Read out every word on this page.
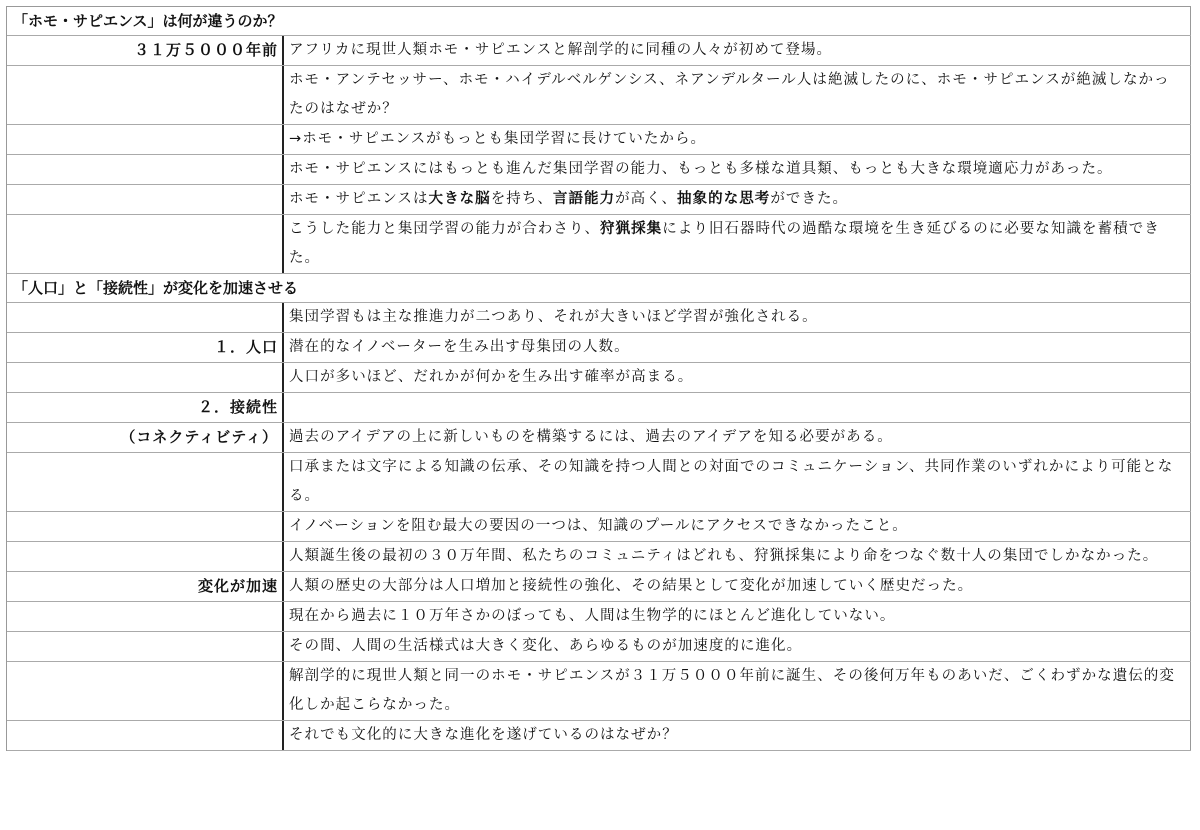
「ホモ・サピエンス」は何が違うのか？
３１万５０００年前 アフリカに現世人類ホモ・サピエンスと解剖学的に同種の人々が初めて登場。
ホモ・アンテセッサー、ホモ・ハイデルベルゲンシス、ネアンデルタール人は絶滅したのに、ホモ・サピエンスが絶滅しなかったのはなぜか？
→ホモ・サピエンスがもっとも集団学習に長けていたから。
ホモ・サピエンスにはもっとも進んだ集団学習の能力、もっとも多様な道具類、もっとも大きな環境適応力があった。
ホモ・サピエンスは大きな脳を持ち、言語能力が高く、抽象的な思考ができた。
こうした能力と集団学習の能力が合わさり、狩猟採集により旧石器時代の過酷な環境を生き延びるのに必要な知識を蓄積できた。
「人口」と「接続性」が変化を加速させる
集団学習もは主な推進力が二つあり、それが大きいほど学習が強化される。
１．人口 潜在的なイノベーターを生み出す母集団の人数。
人口が多いほど、だれかが何かを生み出す確率が高まる。
２．接続性
（コネクティビティ） 過去のアイデアの上に新しいものを構築するには、過去のアイデアを知る必要がある。
口承または文字による知識の伝承、その知識を持つ人間との対面でのコミュニケーション、共同作業のいずれかにより可能となる。
イノベーションを阻む最大の要因の一つは、知識のプールにアクセスできなかったこと。
人類誕生後の最初の３０万年間、私たちのコミュニティはどれも、狩猟採集により命をつなぐ数十人の集団でしかなかった。
変化が加速 人類の歴史の大部分は人口増加と接続性の強化、その結果として変化が加速していく歴史だった。
現在から過去に１０万年さかのぼっても、人間は生物学的にほとんど進化していない。
その間、人間の生活様式は大きく変化、あらゆるものが加速度的に進化。
解剖学的に現世人類と同一のホモ・サピエンスが３１万５０００年前に誕生、その後何万年ものあいだ、ごくわずかな遺伝的変化しか起こらなかった。
それでも文化的に大きな進化を遂げているのはなぜか？
